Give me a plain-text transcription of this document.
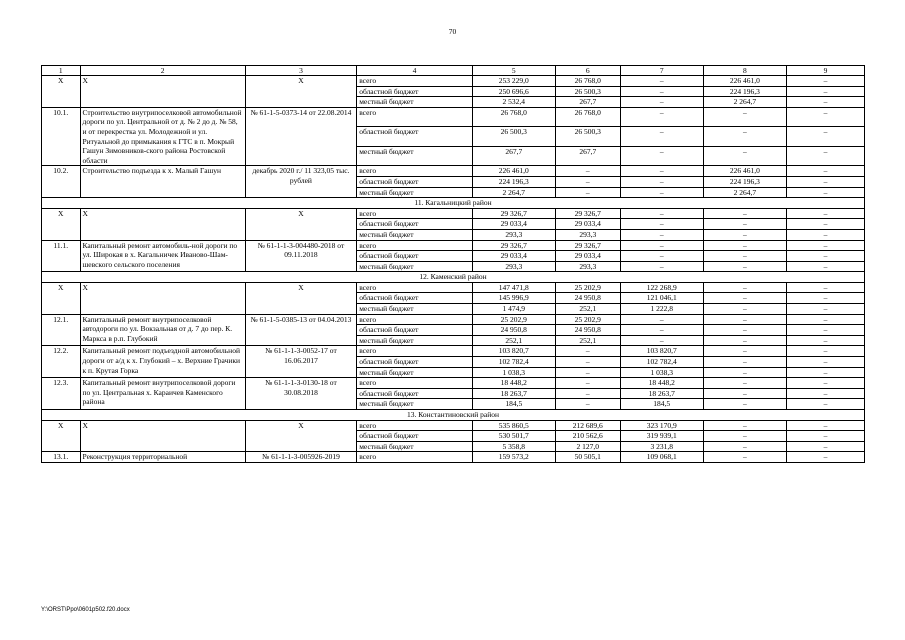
70
1	2	3	4	5	6	7	8	9
Х	Х	Х	всего	253 229,0	26 768,0	–	226 461,0	–
			областной бюджет	250 696,6	26 500,3	–	224 196,3	–
			местный бюджет	2 532,4	267,7	–	2 264,7	–
10.1.	Строительство внутрипоселковой автомобильной дороги по ул. Центральной от д. № 2 до д. № 58, и от перекрестка ул. Молодежной и ул. Ритуальной до примыкания к ГТС в п. Мокрый Гашун Зимовников-ского района Ростовской области	№ 61-1-5-0373-14 от 22.08.2014	всего	26 768,0	26 768,0	–	–	–
			областной бюджет	26 500,3	26 500,3	–	–	–
			местный бюджет	267,7	267,7	–	–	–
10.2.	Строительство подъезда к х. Малый Гашун	декабрь 2020 г./ 11 323,05 тыс. рублей	всего	226 461,0	–	–	226 461,0	–
			областной бюджет	224 196,3	–	–	224 196,3	–
			местный бюджет	2 264,7	–	–	2 264,7	–
11. Кагальницкий район								
Х	Х	Х	всего	29 326,7	29 326,7	–	–	–
			областной бюджет	29 033,4	29 033,4	–	–	–
			местный бюджет	293,3	293,3	–	–	–
11.1.	Капитальный ремонт автомобиль-ной дороги по ул. Широкая в х. Кагальничек Иваново-Шам-шевского сельского поселения	№ 61-1-1-3-004480-2018 от 09.11.2018	всего	29 326,7	29 326,7	–	–	–
			областной бюджет	29 033,4	29 033,4	–	–	–
			местный бюджет	293,3	293,3	–	–	–
12. Каменский район								
Х	Х	Х	всего	147 471,8	25 202,9	122 268,9	–	–
			областной бюджет	145 996,9	24 950,8	121 046,1	–	–
			местный бюджет	1 474,9	252,1	1 222,8	–	–
12.1.	Капитальный ремонт внутрипоселковой автодороги по ул. Вокзальная от д. 7 до пер. К. Маркса в р.п. Глубокий	№ 61-1-5-0385-13 от 04.04.2013	всего	25 202,9	25 202,9	–	–	–
			областной бюджет	24 950,8	24 950,8	–	–	–
			местный бюджет	252,1	252,1	–	–	–
12.2.	Капитальный ремонт подъездной автомобильной дороги от а/д к х. Глубокий – х. Верхние Грачики к п. Крутая Горка	№ 61-1-1-3-0052-17 от 16.06.2017	всего	103 820,7	–	103 820,7	–	–
			областной бюджет	102 782,4	–	102 782,4	–	–
			местный бюджет	1 038,3	–	1 038,3	–	–
12.3.	Капитальный ремонт внутрипоселковой дороги по ул. Центральная х. Караичев Каменского района	№ 61-1-1-3-0130-18 от 30.08.2018	всего	18 448,2	–	18 448,2	–	–
			областной бюджет	18 263,7	–	18 263,7	–	–
			местный бюджет	184,5	–	184,5	–	–
13. Константиновский район								
Х	Х	Х	всего	535 860,5	212 689,6	323 170,9	–	–
			областной бюджет	530 501,7	210 562,6	319 939,1	–	–
			местный бюджет	5 358,8	2 127,0	3 231,8	–	–
13.1.	Реконструкция территориальной	№ 61-1-1-3-005926-2019	всего	159 573,2	50 505,1	109 068,1	–	–
Y:\ORST\Ppo\0601p502.f20.docx
